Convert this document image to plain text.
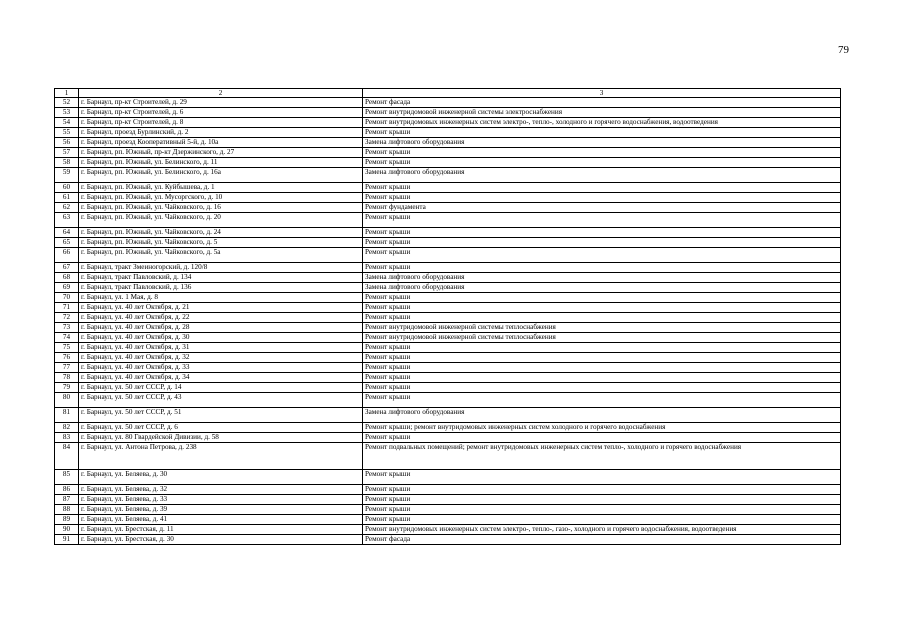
79
1	2	3
52	г. Барнаул, пр-кт Строителей, д. 29	Ремонт фасада
53	г. Барнаул, пр-кт Строителей, д. 6	Ремонт внутридомовой инженерной системы электроснабжения
54	г. Барнаул, пр-кт Строителей, д. 8	Ремонт внутридомовых инженерных систем электро-, тепло-, холодного и горячего водоснабжения, водоотведения
55	г. Барнаул, проезд Бурлинский, д. 2	Ремонт крыши
56	г. Барнаул, проезд Кооперативный 5-й, д. 10а	Замена лифтового оборудования
57	г. Барнаул, рп. Южный, пр-кт Дзержинского, д. 27	Ремонт крыши
58	г. Барнаул, рп. Южный, ул. Белинского, д. 11	Ремонт крыши
59	г. Барнаул, рп. Южный, ул. Белинского, д. 16а	Замена лифтового оборудования
60	г. Барнаул, рп. Южный, ул. Куйбышева, д. 1	Ремонт крыши
61	г. Барнаул, рп. Южный, ул. Мусоргского, д. 10	Ремонт крыши
62	г. Барнаул, рп. Южный, ул. Чайковского, д. 16	Ремонт фундамента
63	г. Барнаул, рп. Южный, ул. Чайковского, д. 20	Ремонт крыши
64	г. Барнаул, рп. Южный, ул. Чайковского, д. 24	Ремонт крыши
65	г. Барнаул, рп. Южный, ул. Чайковского, д. 5	Ремонт крыши
66	г. Барнаул, рп. Южный, ул. Чайковского, д. 5а	Ремонт крыши
67	г. Барнаул, тракт Змеиногорский, д. 120/8	Ремонт крыши
68	г. Барнаул, тракт Павловский, д. 134	Замена лифтового оборудования
69	г. Барнаул, тракт Павловский, д. 136	Замена лифтового оборудования
70	г. Барнаул, ул. 1 Мая, д. 8	Ремонт крыши
71	г. Барнаул, ул. 40 лет Октября, д. 21	Ремонт крыши
72	г. Барнаул, ул. 40 лет Октября, д. 22	Ремонт крыши
73	г. Барнаул, ул. 40 лет Октября, д. 28	Ремонт внутридомовой инженерной системы теплоснабжения
74	г. Барнаул, ул. 40 лет Октября, д. 30	Ремонт внутридомовой инженерной системы теплоснабжения
75	г. Барнаул, ул. 40 лет Октября, д. 31	Ремонт крыши
76	г. Барнаул, ул. 40 лет Октября, д. 32	Ремонт крыши
77	г. Барнаул, ул. 40 лет Октября, д. 33	Ремонт крыши
78	г. Барнаул, ул. 40 лет Октября, д. 34	Ремонт крыши
79	г. Барнаул, ул. 50 лет СССР, д. 14	Ремонт крыши
80	г. Барнаул, ул. 50 лет СССР, д. 43	Ремонт крыши
81	г. Барнаул, ул. 50 лет СССР, д. 51	Замена лифтового оборудования
82	г. Барнаул, ул. 50 лет СССР, д. 6	Ремонт крыши; ремонт внутридомовых инженерных систем холодного и горячего водоснабжения
83	г. Барнаул, ул. 80 Гвардейской Дивизии, д. 58	Ремонт крыши
84	г. Барнаул, ул. Антона Петрова, д. 238	Ремонт подвальных помещений; ремонт внутридомовых инженерных систем тепло-, холодного и горячего водоснабжения
85	г. Барнаул, ул. Беляева, д. 30	Ремонт крыши
86	г. Барнаул, ул. Беляева, д. 32	Ремонт крыши
87	г. Барнаул, ул. Беляева, д. 33	Ремонт крыши
88	г. Барнаул, ул. Беляева, д. 39	Ремонт крыши
89	г. Барнаул, ул. Беляева, д. 41	Ремонт крыши
90	г. Барнаул, ул. Брестская, д. 11	Ремонт внутридомовых инженерных систем электро-, тепло-, газо-, холодного и горячего водоснабжения, водоотведения
91	г. Барнаул, ул. Брестская, д. 30	Ремонт фасада
